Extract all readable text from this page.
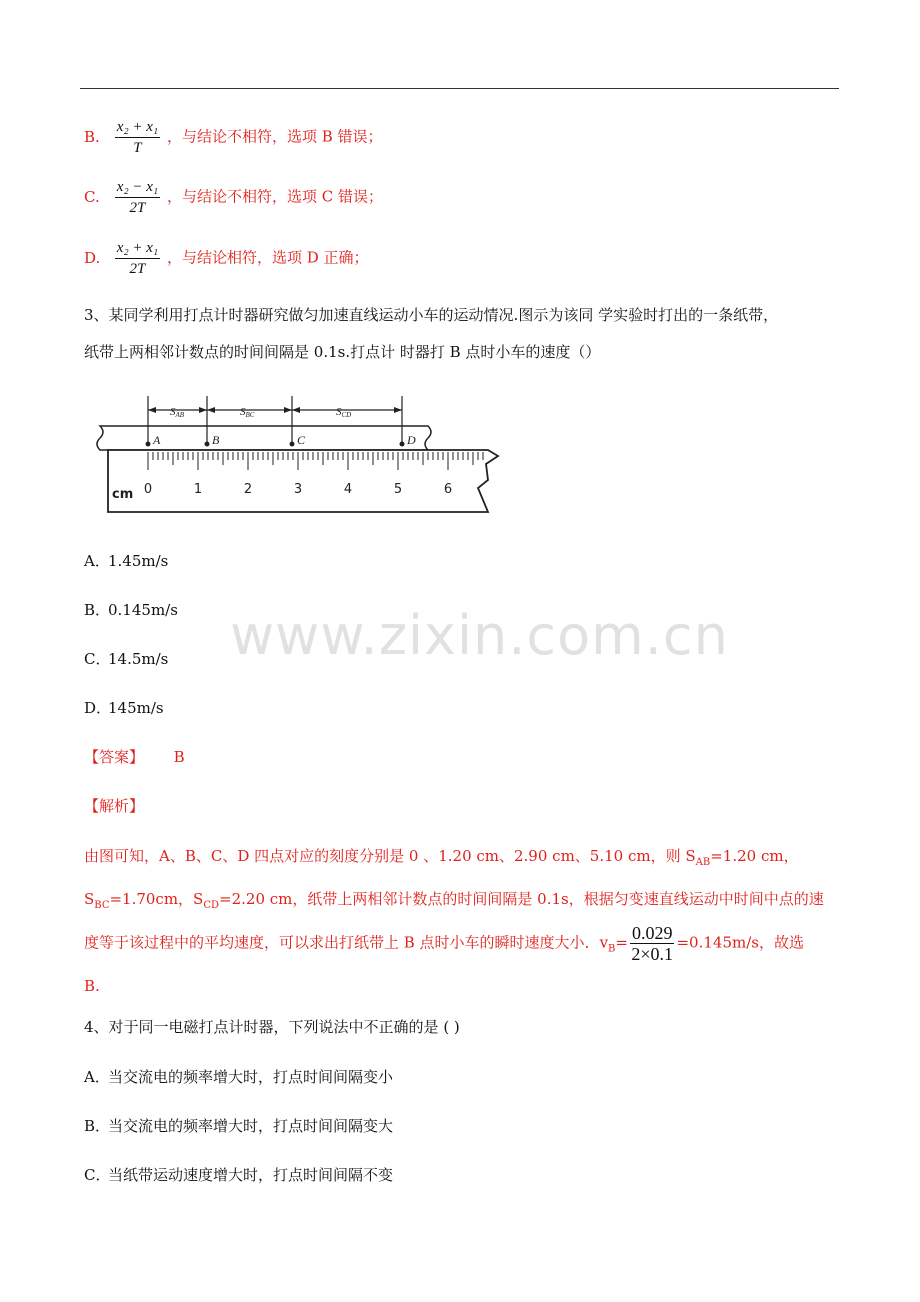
B. $\frac{\text{x₂ + x₁}}{T}$ ，与结论不相符，选项 B 错误；
C. $\frac{\text{x₂ − x₁}}{2T}$ ，与结论不相符，选项 C 错误；
D. $\frac{\text{x₂ + x₁}}{2T}$ ，与结论相符，选项 D 正确；
3、某同学利用打点计时器研究做匀加速直线运动小车的运动情况.图示为该同 学实验时打出的一条纸带，
纸带上两相邻计数点的时间间隔是 0.1s.打点计 时器打 B 点时小车的速度（）
SAB	SBC	SCD
A	B	C	D
0	1	2	3	4	5	6
cm
A．1.45m/s
B．0.145m/s
C．14.5m/s
D．145m/s
【答案】 B
【解析】
由图可知，A、B、C、D 四点对应的刻度分别是 0 、1.20 cm、2.90 cm、5.10 cm，则 $S_{AB}=1.20$ cm，
$S_{BC}=1.70cm$，$S_{CD}=2.20$ cm，纸带上两相邻计数点的时间间隔是 0.1s，根据匀变速直线运动中时间中点的速
度等于该过程中的平均速度，可以求出打纸带上 B 点时小车的瞬时速度大小．$v_B= \frac{0.029}{2\times 0.1} =0.145m/s$，故选
B.
4、对于同一电磁打点计时器，下列说法中不正确的是 ( )
A．当交流电的频率增大时，打点时间间隔变小
B．当交流电的频率增大时，打点时间间隔变大
C．当纸带运动速度增大时，打点时间间隔不变
www.zixin.com.cn
